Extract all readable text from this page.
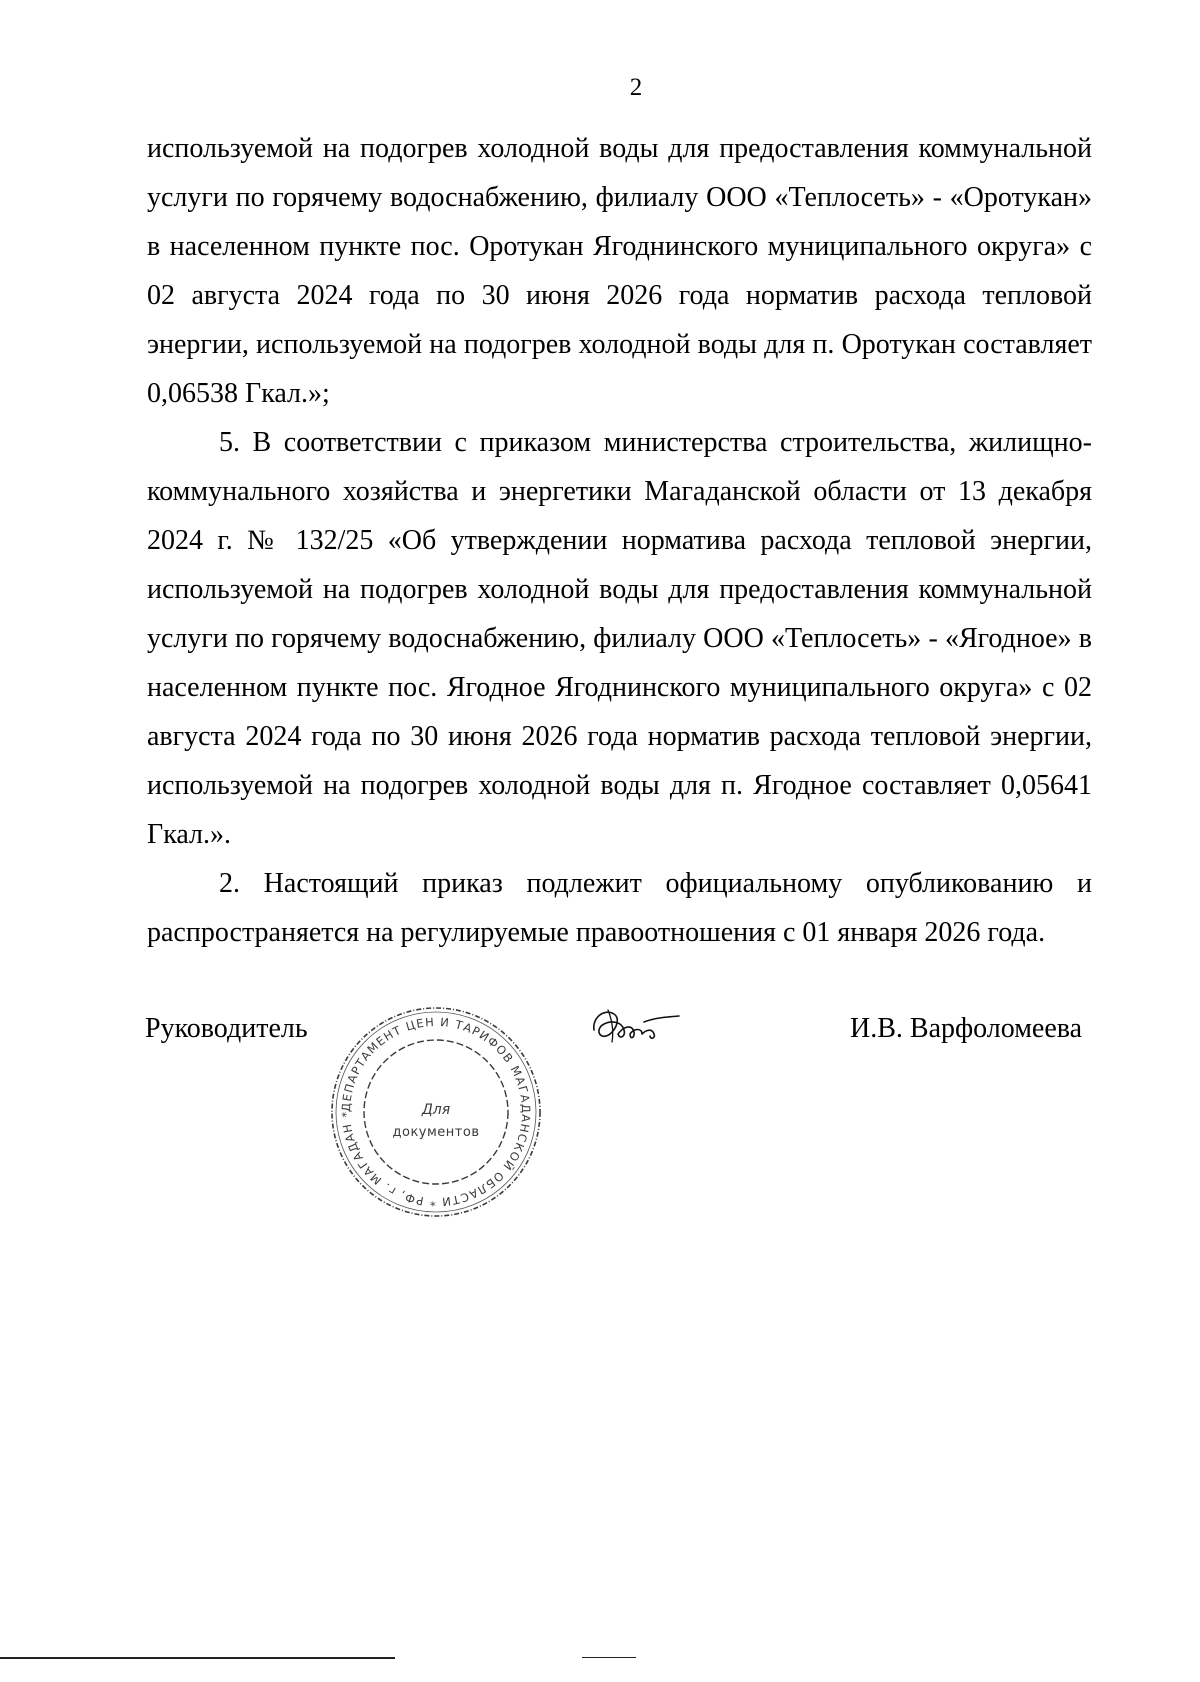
2

используемой на подогрев холодной воды для предоставления коммунальной услуги по горячему водоснабжению, филиалу ООО «Теплосеть» - «Оротукан» в населенном пункте пос. Оротукан Ягоднинского муниципального округа» с 02 августа 2024 года по 30 июня 2026 года норматив расхода тепловой энергии, используемой на подогрев холодной воды для п. Оротукан составляет 0,06538 Гкал.»;

5. В соответствии с приказом министерства строительства, жилищно-коммунального хозяйства и энергетики Магаданской области от 13 декабря 2024 г. № 132/25 «Об утверждении норматива расхода тепловой энергии, используемой на подогрев холодной воды для предоставления коммунальной услуги по горячему водоснабжению, филиалу ООО «Теплосеть» - «Ягодное» в населенном пункте пос. Ягодное Ягоднинского муниципального округа» с 02 августа 2024 года по 30 июня 2026 года норматив расхода тепловой энергии, используемой на подогрев холодной воды для п. Ягодное составляет 0,05641 Гкал.».

2. Настоящий приказ подлежит официальному опубликованию и распространяется на регулируемые правоотношения с 01 января 2026 года.

Руководитель
ДЕПАРТАМЕНТ ЦЕН И ТАРИФОВ МАГАДАНСКОЙ ОБЛАСТИ * РФ, г. МАГАДАН *	Для
документов
И.В. Варфоломеева
